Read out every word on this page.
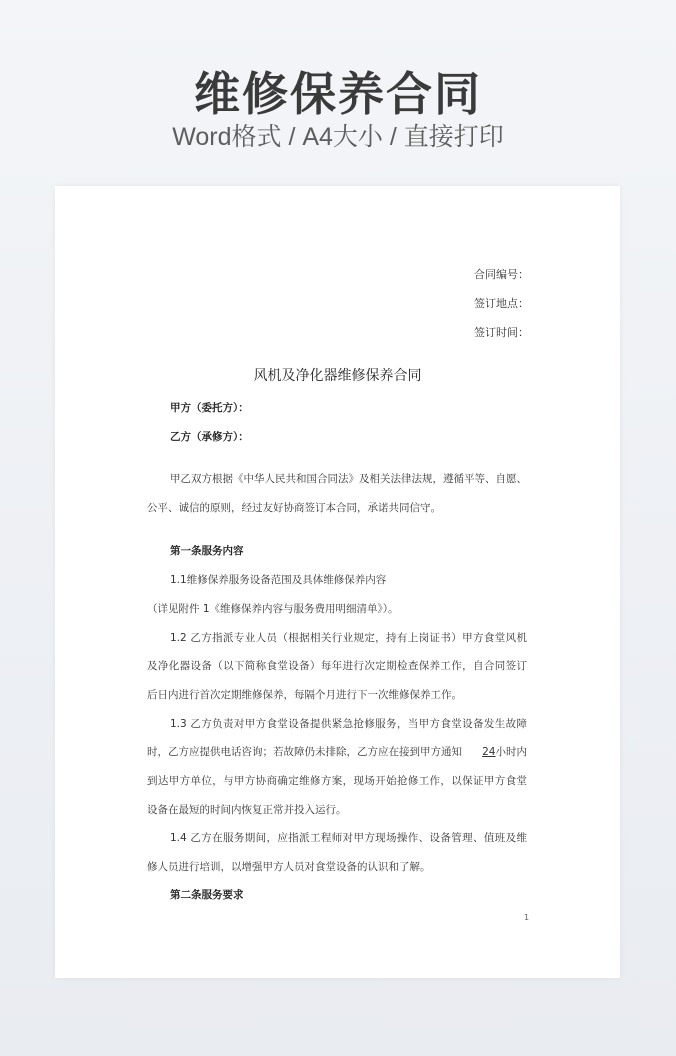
维修保养合同
Word格式 / A4大小 / 直接打印
合同编号：
签订地点：
签订时间：
风机及净化器维修保养合同
甲方（委托方）：
乙方（承修方）：
甲乙双方根据《中华人民共和国合同法》及相关法律法规，遵循平等、自愿、
公平、诚信的原则，经过友好协商签订本合同，承诺共同信守。
第一条服务内容
1.1维修保养服务设备范围及具体维修保养内容
（详见附件 1《维修保养内容与服务费用明细清单》）。
1.2 乙方指派专业人员（根据相关行业规定，持有上岗证书）甲方食堂风机
及净化器设备（以下简称食堂设备）每年进行次定期检查保养工作，自合同签订
后日内进行首次定期维修保养，每隔个月进行下一次维修保养工作。
1.3 乙方负责对甲方食堂设备提供紧急抢修服务，当甲方食堂设备发生故障
时，乙方应提供电话咨询；若故障仍未排除，乙方应在接到甲方通知 24小时内
到达甲方单位，与甲方协商确定维修方案，现场开始抢修工作，以保证甲方食堂
设备在最短的时间内恢复正常并投入运行。
1.4 乙方在服务期间，应指派工程师对甲方现场操作、设备管理、值班及维
修人员进行培训，以增强甲方人员对食堂设备的认识和了解。
第二条服务要求
1
